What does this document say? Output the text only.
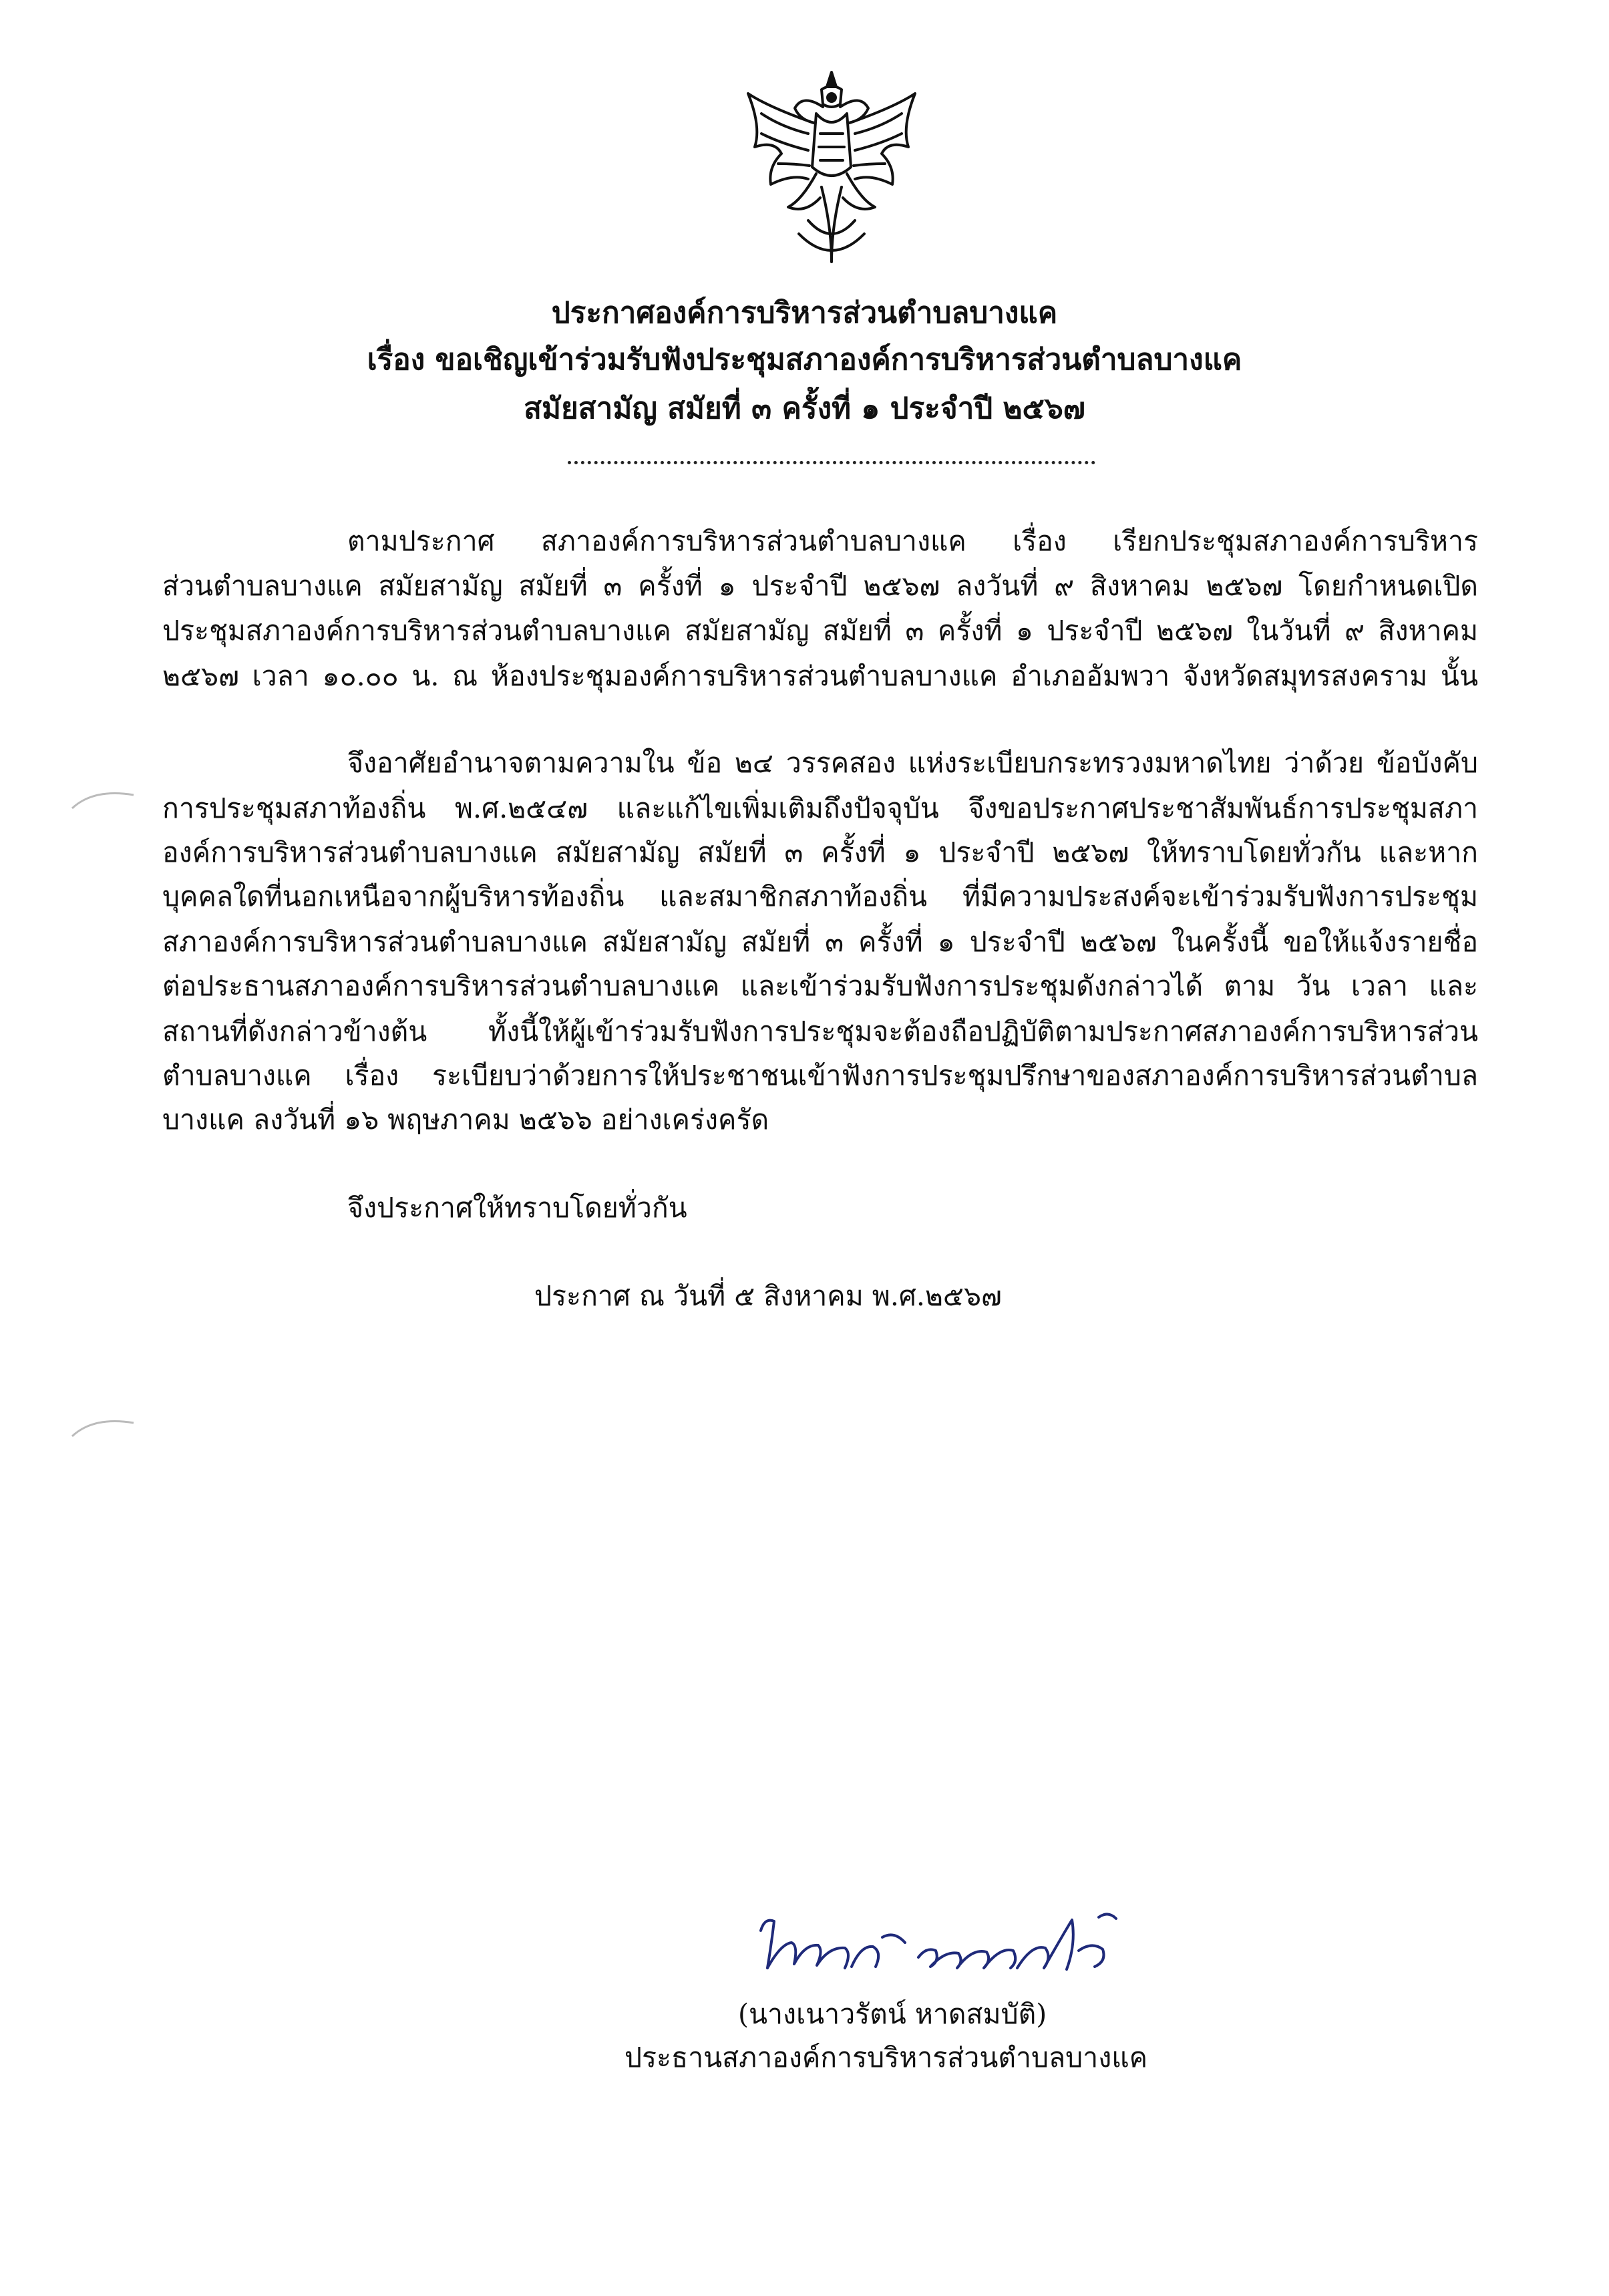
ประกาศองค์การบริหารส่วนตำบลบางแค
เรื่อง ขอเชิญเข้าร่วมรับฟังประชุมสภาองค์การบริหารส่วนตำบลบางแค
สมัยสามัญ สมัยที่ ๓ ครั้งที่ ๑ ประจำปี ๒๕๖๗
ตามประกาศ สภาองค์การบริหารส่วนตำบลบางแค เรื่อง เรียกประชุมสภาองค์การบริหาร
ส่วนตำบลบางแค สมัยสามัญ สมัยที่ ๓ ครั้งที่ ๑ ประจำปี ๒๕๖๗ ลงวันที่ ๙ สิงหาคม ๒๕๖๗ โดยกำหนดเปิด
ประชุมสภาองค์การบริหารส่วนตำบลบางแค สมัยสามัญ สมัยที่ ๓ ครั้งที่ ๑ ประจำปี ๒๕๖๗ ในวันที่ ๙ สิงหาคม
๒๕๖๗ เวลา ๑๐.๐๐ น. ณ ห้องประชุมองค์การบริหารส่วนตำบลบางแค อำเภออัมพวา จังหวัดสมุทรสงคราม นั้น
จึงอาศัยอำนาจตามความใน ข้อ ๒๔ วรรคสอง แห่งระเบียบกระทรวงมหาดไทย ว่าด้วย ข้อบังคับ
การประชุมสภาท้องถิ่น พ.ศ.๒๕๔๗ และแก้ไขเพิ่มเติมถึงปัจจุบัน จึงขอประกาศประชาสัมพันธ์การประชุมสภา
องค์การบริหารส่วนตำบลบางแค สมัยสามัญ สมัยที่ ๓ ครั้งที่ ๑ ประจำปี ๒๕๖๗ ให้ทราบโดยทั่วกัน และหาก
บุคคลใดที่นอกเหนือจากผู้บริหารท้องถิ่น และสมาชิกสภาท้องถิ่น ที่มีความประสงค์จะเข้าร่วมรับฟังการประชุม
สภาองค์การบริหารส่วนตำบลบางแค สมัยสามัญ สมัยที่ ๓ ครั้งที่ ๑ ประจำปี ๒๕๖๗ ในครั้งนี้ ขอให้แจ้งรายชื่อ
ต่อประธานสภาองค์การบริหารส่วนตำบลบางแค และเข้าร่วมรับฟังการประชุมดังกล่าวได้ ตาม วัน เวลา และ
สถานที่ดังกล่าวข้างต้น ทั้งนี้ให้ผู้เข้าร่วมรับฟังการประชุมจะต้องถือปฏิบัติตามประกาศสภาองค์การบริหารส่วน
ตำบลบางแค เรื่อง ระเบียบว่าด้วยการให้ประชาชนเข้าฟังการประชุมปรึกษาของสภาองค์การบริหารส่วนตำบล
บางแค ลงวันที่ ๑๖ พฤษภาคม ๒๕๖๖ อย่างเคร่งครัด
จึงประกาศให้ทราบโดยทั่วกัน
ประกาศ ณ วันที่ ๕ สิงหาคม พ.ศ.๒๕๖๗
(นางเนาวรัตน์ หาดสมบัติ)
ประธานสภาองค์การบริหารส่วนตำบลบางแค
